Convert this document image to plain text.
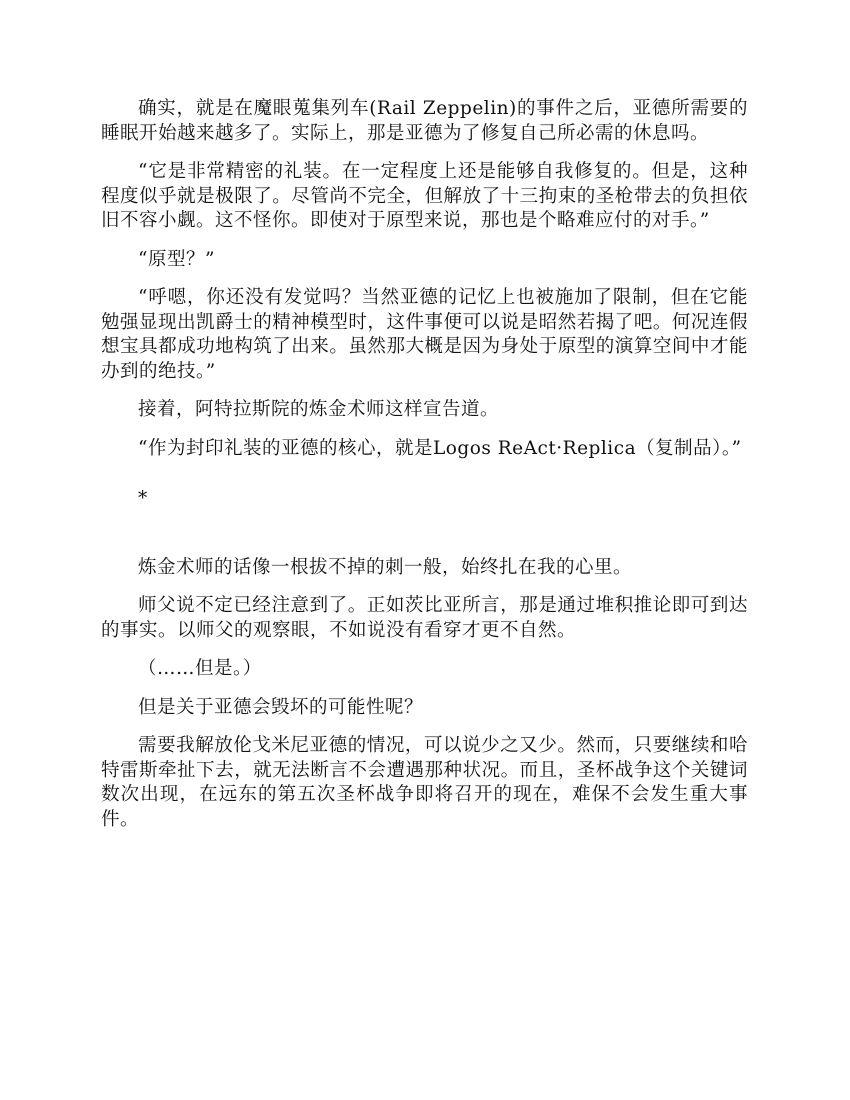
确实，就是在魔眼蒐集列车(Rail Zeppelin)的事件之后，亚德所需要的睡眠开始越来越多了。实际上，那是亚德为了修复自己所必需的休息吗。

“它是非常精密的礼装。在一定程度上还是能够自我修复的。但是，这种程度似乎就是极限了。尽管尚不完全，但解放了十三拘束的圣枪带去的负担依旧不容小觑。这不怪你。即使对于原型来说，那也是个略难应付的对手。”

“原型？”

“呼嗯，你还没有发觉吗？当然亚德的记忆上也被施加了限制，但在它能勉强显现出凯爵士的精神模型时，这件事便可以说是昭然若揭了吧。何况连假想宝具都成功地构筑了出来。虽然那大概是因为身处于原型的演算空间中才能办到的绝技。”

接着，阿特拉斯院的炼金术师这样宣告道。

“作为封印礼装的亚德的核心，就是Logos ReAct·Replica（复制品）。”

*

炼金术师的话像一根拔不掉的刺一般，始终扎在我的心里。

师父说不定已经注意到了。正如茨比亚所言，那是通过堆积推论即可到达的事实。以师父的观察眼，不如说没有看穿才更不自然。

（……但是。）

但是关于亚德会毁坏的可能性呢？

需要我解放伦戈米尼亚德的情况，可以说少之又少。然而，只要继续和哈特雷斯牵扯下去，就无法断言不会遭遇那种状况。而且，圣杯战争这个关键词数次出现，在远东的第五次圣杯战争即将召开的现在，难保不会发生重大事件。
